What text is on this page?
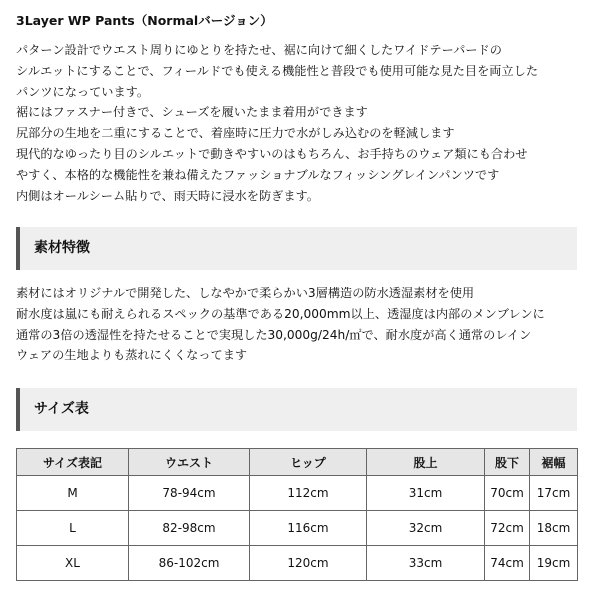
3Layer WP Pants（Normalバージョン）
パターン設計でウエスト周りにゆとりを持たせ、裾に向けて細くしたワイドテーパードの
シルエットにすることで、フィールドでも使える機能性と普段でも使用可能な見た目を両立した
パンツになっています。
裾にはファスナー付きで、シューズを履いたまま着用ができます
尻部分の生地を二重にすることで、着座時に圧力で水がしみ込むのを軽減します
現代的なゆったり目のシルエットで動きやすいのはもちろん、お手持ちのウェア類にも合わせ
やすく、本格的な機能性を兼ね備えたファッショナブルなフィッシングレインパンツです
内側はオールシーム貼りで、雨天時に浸水を防ぎます。
素材特徴
素材にはオリジナルで開発した、しなやかで柔らかい3層構造の防水透湿素材を使用
耐水度は嵐にも耐えられるスペックの基準である20,000mm以上、透湿度は内部のメンブレンに
通常の3倍の透湿性を持たせることで実現した30,000g/24h/㎡で、耐水度が高く通常のレイン
ウェアの生地よりも蒸れにくくなってます
サイズ表
サイズ表記	ウエスト	ヒップ	股上	股下	裾幅
M	78-94cm	112cm	31cm	70cm	17cm
L	82-98cm	116cm	32cm	72cm	18cm
XL	86-102cm	120cm	33cm	74cm	19cm
